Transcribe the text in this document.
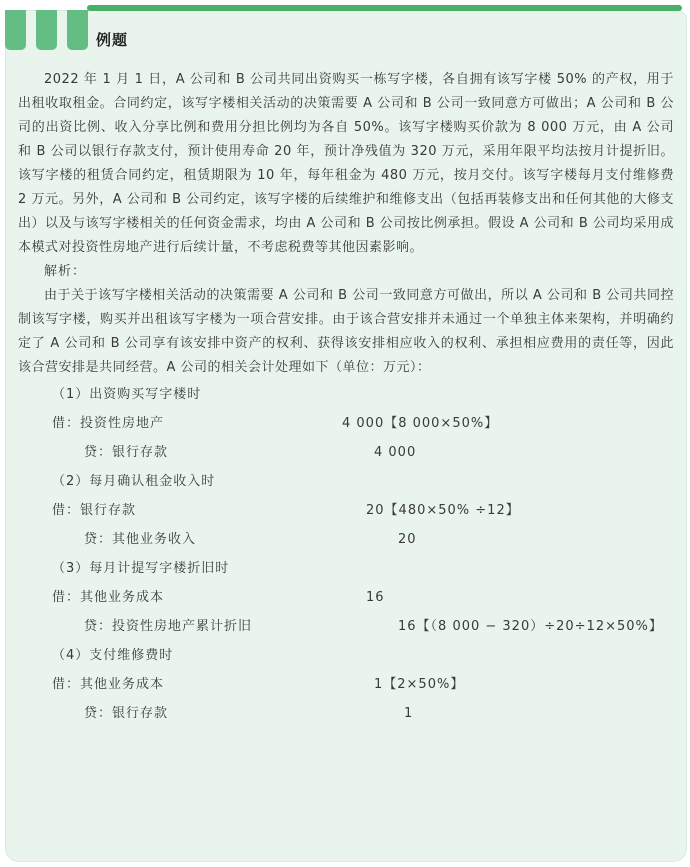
例题

2022 年 1 月 1 日，A 公司和 B 公司共同出资购买一栋写字楼，各自拥有该写字楼 50% 的产权，用于出租收取租金。合同约定，该写字楼相关活动的决策需要 A 公司和 B 公司一致同意方可做出；A 公司和 B 公司的出资比例、收入分享比例和费用分担比例均为各自 50%。该写字楼购买价款为 8 000 万元，由 A 公司和 B 公司以银行存款支付，预计使用寿命 20 年，预计净残值为 320 万元，采用年限平均法按月计提折旧。该写字楼的租赁合同约定，租赁期限为 10 年，每年租金为 480 万元，按月交付。该写字楼每月支付维修费 2 万元。另外，A 公司和 B 公司约定，该写字楼的后续维护和维修支出（包括再装修支出和任何其他的大修支出）以及与该写字楼相关的任何资金需求，均由 A 公司和 B 公司按比例承担。假设 A 公司和 B 公司均采用成本模式对投资性房地产进行后续计量，不考虑税费等其他因素影响。

解析：

由于关于该写字楼相关活动的决策需要 A 公司和 B 公司一致同意方可做出，所以 A 公司和 B 公司共同控制该写字楼，购买并出租该写字楼为一项合营安排。由于该合营安排并未通过一个单独主体来架构，并明确约定了 A 公司和 B 公司享有该安排中资产的权利、获得该安排相应收入的权利、承担相应费用的责任等，因此该合营安排是共同经营。A 公司的相关会计处理如下（单位：万元）：

（1）出资购买写字楼时
借：投资性房地产	4 000【8 000×50%】
贷：银行存款	4 000
（2）每月确认租金收入时
借：银行存款	20【480×50% ÷12】
贷：其他业务收入	20
（3）每月计提写字楼折旧时
借：其他业务成本	16
贷：投资性房地产累计折旧	16【（8 000 − 320）÷20÷12×50%】
（4）支付维修费时
借：其他业务成本	1【2×50%】
贷：银行存款	1
